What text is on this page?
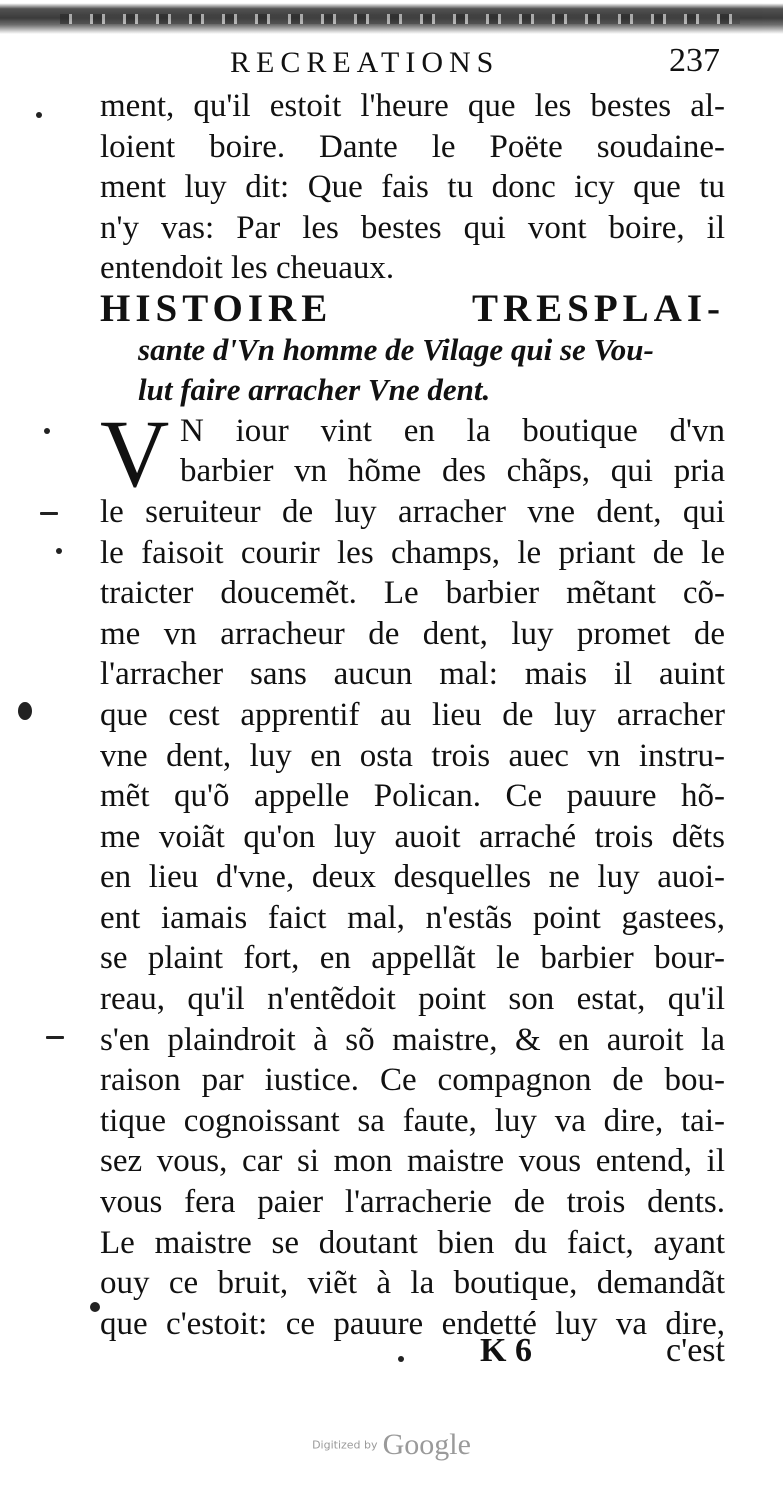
RECREATIONS	237
ment, qu'il estoit l'heure que les bestes al-
loient boire. Dante le Poëte soudaine-
ment luy dit: Que fais tu donc icy que tu
n'y vas: Par les bestes qui vont boire, il
entendoit les cheuaux.
HISTOIRE TRESPLAI-
sante d'Vn homme de Vilage qui se Vou-
lut faire arracher Vne dent.
V N iour vint en la boutique d'vn
barbier vn hõme des chãps, qui pria
le seruiteur de luy arracher vne dent, qui
le faisoit courir les champs, le priant de le
traicter doucemẽt. Le barbier mẽtant cõ-
me vn arracheur de dent, luy promet de
l'arracher sans aucun mal: mais il auint
que cest apprentif au lieu de luy arracher
vne dent, luy en osta trois auec vn instru-
mẽt qu'õ appelle Polican. Ce pauure hõ-
me voiãt qu'on luy auoit arraché trois dẽts
en lieu d'vne, deux desquelles ne luy auoi-
ent iamais faict mal, n'estãs point gastees,
se plaint fort, en appellãt le barbier bour-
reau, qu'il n'entẽdoit point son estat, qu'il
s'en plaindroit à sõ maistre, & en auroit la
raison par iustice. Ce compagnon de bou-
tique cognoissant sa faute, luy va dire, tai-
sez vous, car si mon maistre vous entend, il
vous fera paier l'arracherie de trois dents.
Le maistre se doutant bien du faict, ayant
ouy ce bruit, viẽt à la boutique, demandãt
que c'estoit: ce pauure endetté luy va dire,
K 6	c'est
Digitized by Google
